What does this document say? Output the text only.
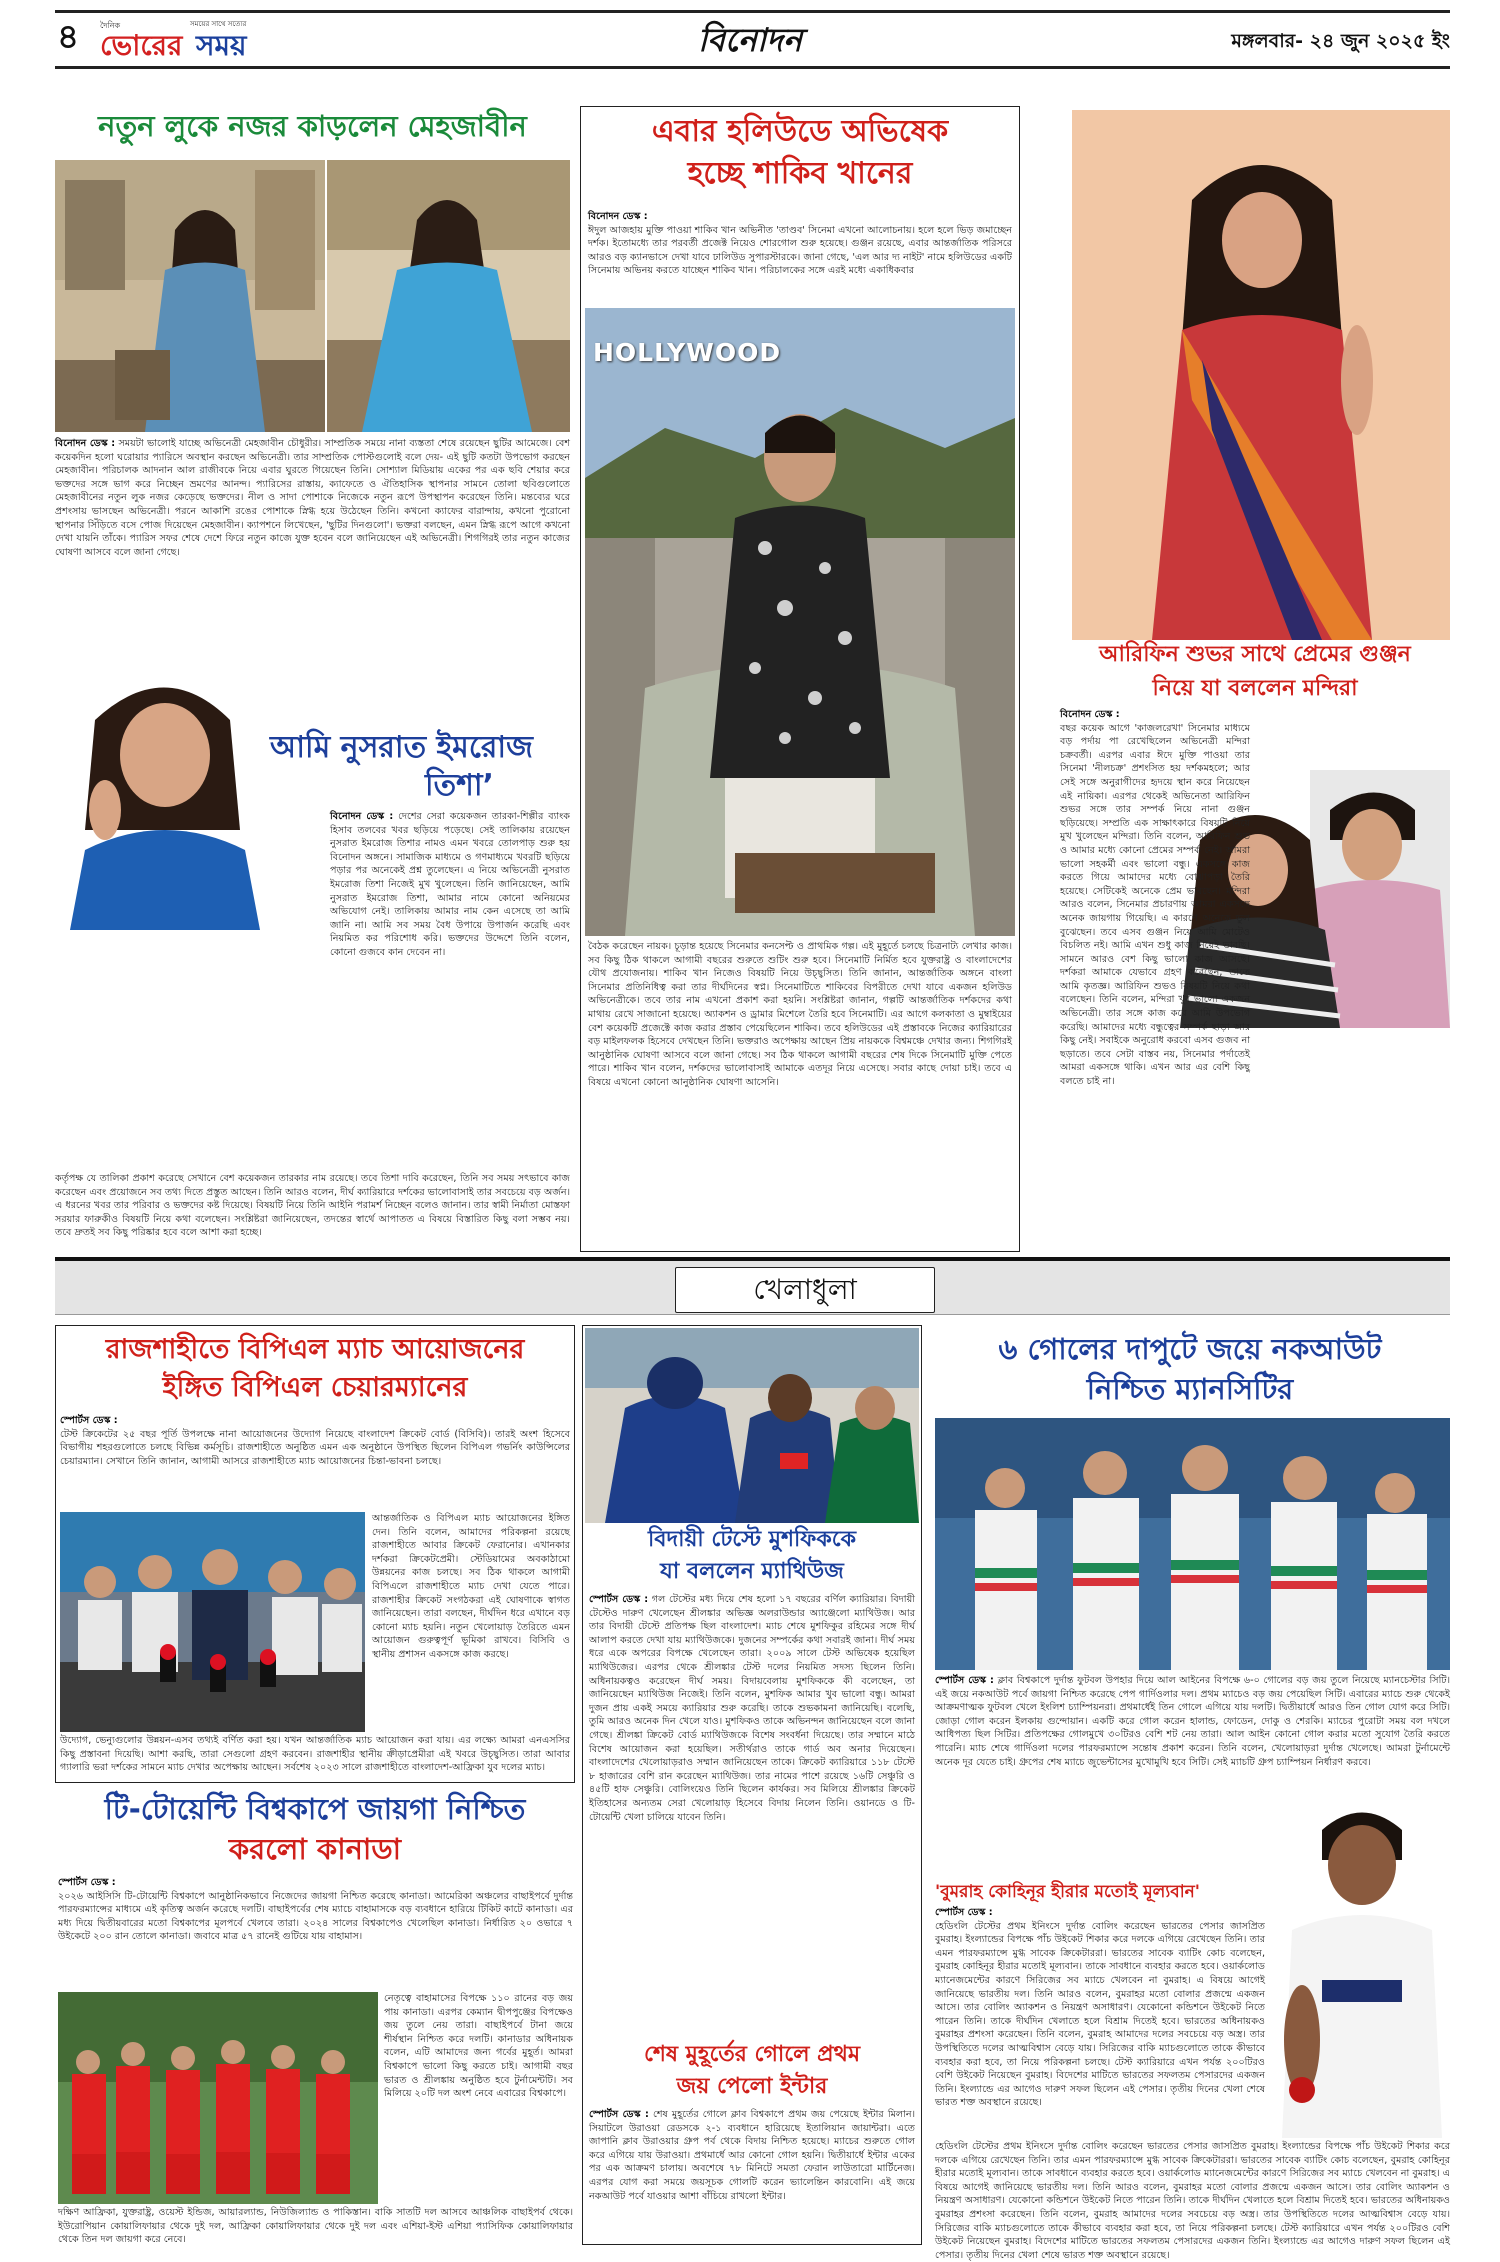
৪	দৈনিক	সময়ের সাথে সত্যের
ভোরের সময়	বিনোদন	মঙ্গলবার- ২৪ জুন ২০২৫ ইং
নতুন লুকে নজর কাড়লেন মেহজাবীন
বিনোদন ডেস্ক : সময়টা ভালোই যাচ্ছে অভিনেত্রী মেহজাবীন চৌধুরীর। সাম্প্রতিক সময়ে নানা ব্যস্ততা শেষে রয়েছেন ছুটির আমেজে। বেশ কয়েকদিন হলো ঘরোয়ার প্যারিসে অবস্থান করছেন অভিনেত্রী। তার সাম্প্রতিক পোস্টগুলোই বলে দেয়- এই ছুটি কতটা উপভোগ করছেন মেহজাবীন। পরিচালক আদনান আল রাজীবকে নিয়ে এবার ঘুরতে গিয়েছেন তিনি। সোশ্যাল মিডিয়ায় একের পর এক ছবি শেয়ার করে ভক্তদের সঙ্গে ভাগ করে নিচ্ছেন ভ্রমণের আনন্দ। প্যারিসের রাস্তায়, ক্যাফেতে ও ঐতিহাসিক স্থাপনার সামনে তোলা ছবিগুলোতে মেহজাবীনের নতুন লুক নজর কেড়েছে ভক্তদের। নীল ও সাদা পোশাকে নিজেকে নতুন রূপে উপস্থাপন করেছেন তিনি। মন্তব্যের ঘরে প্রশংসায় ভাসছেন অভিনেত্রী। পরনে আকাশি রঙের পোশাকে স্নিগ্ধ হয়ে উঠেছেন তিনি। কখনো ক্যাফের বারান্দায়, কখনো পুরোনো স্থাপনার সিঁড়িতে বসে পোজ দিয়েছেন মেহজাবীন। ক্যাপশনে লিখেছেন, 'ছুটির দিনগুলো'। ভক্তরা বলছেন, এমন স্নিগ্ধ রূপে আগে কখনো দেখা যায়নি তাঁকে। প্যারিস সফর শেষে দেশে ফিরে নতুন কাজে যুক্ত হবেন বলে জানিয়েছেন এই অভিনেত্রী। শিগগিরই তার নতুন কাজের ঘোষণা আসবে বলে জানা গেছে।
আমি নুসরাত ইমরোজ
তিশা’
বিনোদন ডেস্ক : দেশের সেরা কয়েকজন তারকা-শিল্পীর ব্যাংক হিসাব তলবের খবর ছড়িয়ে পড়েছে। সেই তালিকায় রয়েছেন নুসরাত ইমরোজ তিশার নামও এমন খবরে তোলপাড় শুরু হয় বিনোদন অঙ্গনে। সামাজিক মাধ্যমে ও গণমাধ্যমে খবরটি ছড়িয়ে পড়ার পর অনেকেই প্রশ্ন তুলেছেন। এ নিয়ে অভিনেত্রী নুসরাত ইমরোজ তিশা নিজেই মুখ খুলেছেন। তিনি জানিয়েছেন, আমি নুসরাত ইমরোজ তিশা, আমার নামে কোনো অনিয়মের অভিযোগ নেই। তালিকায় আমার নাম কেন এসেছে তা আমি জানি না। আমি সব সময় বৈধ উপায়ে উপার্জন করেছি এবং নিয়মিত কর পরিশোধ করি। ভক্তদের উদ্দেশে তিনি বলেন, কোনো গুজবে কান দেবেন না।
কর্তৃপক্ষ যে তালিকা প্রকাশ করেছে সেখানে বেশ কয়েকজন তারকার নাম রয়েছে। তবে তিশা দাবি করেছেন, তিনি সব সময় সৎভাবে কাজ করেছেন এবং প্রয়োজনে সব তথ্য দিতে প্রস্তুত আছেন। তিনি আরও বলেন, দীর্ঘ ক্যারিয়ারে দর্শকের ভালোবাসাই তার সবচেয়ে বড় অর্জন। এ ধরনের খবর তার পরিবার ও ভক্তদের কষ্ট দিয়েছে। বিষয়টি নিয়ে তিনি আইনি পরামর্শ নিচ্ছেন বলেও জানান। তার স্বামী নির্মাতা মোস্তফা সরয়ার ফারুকীও বিষয়টি নিয়ে কথা বলেছেন। সংশ্লিষ্টরা জানিয়েছেন, তদন্তের স্বার্থে আপাতত এ বিষয়ে বিস্তারিত কিছু বলা সম্ভব নয়। তবে দ্রুতই সব কিছু পরিষ্কার হবে বলে আশা করা হচ্ছে।
এবার হলিউডে অভিষেক
হচ্ছে শাকিব খানের
বিনোদন ডেস্ক :
ঈদুল আজহায় মুক্তি পাওয়া শাকিব খান অভিনীত 'তাণ্ডব' সিনেমা এখনো আলোচনায়। হলে হলে ভিড় জমাচ্ছেন দর্শক। ইতোমধ্যে তার পরবর্তী প্রজেক্ট নিয়েও শোরগোল শুরু হয়েছে। গুঞ্জন রয়েছে, এবার আন্তর্জাতিক পরিসরে আরও বড় ক্যানভাসে দেখা যাবে ঢালিউড সুপারস্টারকে। জানা গেছে, 'এল আর দ্য নাইট' নামে হলিউডের একটি সিনেমায় অভিনয় করতে যাচ্ছেন শাকিব খান। পরিচালকের সঙ্গে এরই মধ্যে একাধিকবার
HOLLYWOOD
বৈঠক করেছেন নায়ক। চূড়ান্ত হয়েছে সিনেমার কনসেপ্ট ও প্রাথমিক গল্প। এই মুহূর্তে চলছে চিত্রনাট্য লেখার কাজ। সব কিছু ঠিক থাকলে আগামী বছরের শুরুতে শুটিং শুরু হবে। সিনেমাটি নির্মিত হবে যুক্তরাষ্ট্র ও বাংলাদেশের যৌথ প্রযোজনায়। শাকিব খান নিজেও বিষয়টি নিয়ে উচ্ছ্বসিত। তিনি জানান, আন্তর্জাতিক অঙ্গনে বাংলা সিনেমার প্রতিনিধিত্ব করা তার দীর্ঘদিনের স্বপ্ন। সিনেমাটিতে শাকিবের বিপরীতে দেখা যাবে একজন হলিউড অভিনেত্রীকে। তবে তার নাম এখনো প্রকাশ করা হয়নি। সংশ্লিষ্টরা জানান, গল্পটি আন্তর্জাতিক দর্শকদের কথা মাথায় রেখে সাজানো হয়েছে। অ্যাকশন ও ড্রামার মিশেলে তৈরি হবে সিনেমাটি। এর আগে কলকাতা ও মুম্বাইয়ের বেশ কয়েকটি প্রজেক্টে কাজ করার প্রস্তাব পেয়েছিলেন শাকিব। তবে হলিউডের এই প্রস্তাবকে নিজের ক্যারিয়ারের বড় মাইলফলক হিসেবে দেখছেন তিনি। ভক্তরাও অপেক্ষায় আছেন প্রিয় নায়ককে বিশ্বমঞ্চে দেখার জন্য। শিগগিরই আনুষ্ঠানিক ঘোষণা আসবে বলে জানা গেছে। সব ঠিক থাকলে আগামী বছরের শেষ দিকে সিনেমাটি মুক্তি পেতে পারে। শাকিব খান বলেন, দর্শকদের ভালোবাসাই আমাকে এতদূর নিয়ে এসেছে। সবার কাছে দোয়া চাই। তবে এ বিষয়ে এখনো কোনো আনুষ্ঠানিক ঘোষণা আসেনি।
আরিফিন শুভর সাথে প্রেমের গুঞ্জন
নিয়ে যা বললেন মন্দিরা
বিনোদন ডেস্ক :
বছর কয়েক আগে 'কাজলরেখা' সিনেমার মাধ্যমে বড় পর্দায় পা রেখেছিলেন অভিনেত্রী মন্দিরা চক্রবর্তী। এরপর এবার ঈদে মুক্তি পাওয়া তার সিনেমা 'নীলচক্র' প্রশংসিত হয় দর্শকমহলে; আর সেই সঙ্গে অনুরাগীদের হৃদয়ে স্থান করে নিয়েছেন এই নায়িকা। এরপর থেকেই অভিনেতা আরিফিন শুভর সঙ্গে তার সম্পর্ক নিয়ে নানা গুঞ্জন ছড়িয়েছে। সম্প্রতি এক সাক্ষাৎকারে বিষয়টি নিয়ে মুখ খুলেছেন মন্দিরা। তিনি বলেন, আরিফিন শুভ ও আমার মধ্যে কোনো প্রেমের সম্পর্ক নেই। আমরা ভালো সহকর্মী এবং ভালো বন্ধু। একসঙ্গে কাজ করতে গিয়ে আমাদের মধ্যে বোঝাপড়া তৈরি হয়েছে। সেটিকেই অনেকে প্রেম ভাবছেন। মন্দিরা আরও বলেন, সিনেমার প্রচারণায় আমরা একসঙ্গে অনেক জায়গায় গিয়েছি। এ কারণে অনেকে ভুল বুঝেছেন। তবে এসব গুঞ্জন নিয়ে আমি মোটেও বিচলিত নই। আমি এখন শুধু কাজ নিয়েই ভাবছি। সামনে আরও বেশ কিছু ভালো কাজ আসছে। দর্শকরা আমাকে যেভাবে গ্রহণ করেছেন, তাতে আমি কৃতজ্ঞ। আরিফিন শুভও বিষয়টি নিয়ে কথা বলেছেন। তিনি বলেন, মন্দিরা খুব ভালো একজন অভিনেত্রী। তার সঙ্গে কাজ করে আমি উপভোগ করেছি। আমাদের মধ্যে বন্ধুত্বের সম্পর্ক ছাড়া আর কিছু নেই। সবাইকে অনুরোধ করবো এসব গুজব না ছড়াতে। তবে সেটা বাস্তব নয়, সিনেমার পর্দাতেই আমরা একসঙ্গে থাকি। এখন আর এর বেশি কিছু বলতে চাই না।
খেলাধুলা
রাজশাহীতে বিপিএল ম্যাচ আয়োজনের
ইঙ্গিত বিপিএল চেয়ারম্যানের
স্পোর্টস ডেস্ক :
টেস্ট ক্রিকেটের ২৫ বছর পূর্তি উপলক্ষে নানা আয়োজনের উদ্যোগ নিয়েছে বাংলাদেশ ক্রিকেট বোর্ড (বিসিবি)। তারই অংশ হিসেবে বিভাগীয় শহরগুলোতে চলছে বিভিন্ন কর্মসূচি। রাজশাহীতে অনুষ্ঠিত এমন এক অনুষ্ঠানে উপস্থিত ছিলেন বিপিএল গভর্নিং কাউন্সিলের চেয়ারম্যান। সেখানে তিনি জানান, আগামী আসরে রাজশাহীতে ম্যাচ আয়োজনের চিন্তা-ভাবনা চলছে।
আন্তর্জাতিক ও বিপিএল ম্যাচ আয়োজনের ইঙ্গিত দেন। তিনি বলেন, আমাদের পরিকল্পনা রয়েছে রাজশাহীতে আবার ক্রিকেট ফেরানোর। এখানকার দর্শকরা ক্রিকেটপ্রেমী। স্টেডিয়ামের অবকাঠামো উন্নয়নের কাজ চলছে। সব ঠিক থাকলে আগামী বিপিএলে রাজশাহীতে ম্যাচ দেখা যেতে পারে। রাজশাহীর ক্রিকেট সংগঠকরা এই ঘোষণাকে স্বাগত জানিয়েছেন। তারা বলছেন, দীর্ঘদিন ধরে এখানে বড় কোনো ম্যাচ হয়নি। নতুন খেলোয়াড় তৈরিতে এমন আয়োজন গুরুত্বপূর্ণ ভূমিকা রাখবে। বিসিবি ও স্থানীয় প্রশাসন একসঙ্গে কাজ করছে।
উদ্যোগ, ভেন্যুগুলোর উন্নয়ন-এসব তথ্যই বর্ণিত করা হয়। যখন আন্তর্জাতিক ম্যাচ আয়োজন করা যায়। এর লক্ষ্যে আমরা এনএসসির কিছু প্রস্তাবনা দিয়েছি। আশা করছি, তারা সেগুলো গ্রহণ করবেন। রাজশাহীর স্থানীয় ক্রীড়াপ্রেমীরা এই খবরে উচ্ছ্বসিত। তারা আবার গ্যালারি ভরা দর্শকের সামনে ম্যাচ দেখার অপেক্ষায় আছেন। সর্বশেষ ২০২৩ সালে রাজশাহীতে বাংলাদেশ-আফ্রিকা যুব দলের ম্যাচ।
টি-টোয়েন্টি বিশ্বকাপে জায়গা নিশ্চিত
করলো কানাডা
স্পোর্টস ডেস্ক :
২০২৬ আইসিসি টি-টোয়েন্টি বিশ্বকাপে আনুষ্ঠানিকভাবে নিজেদের জায়গা নিশ্চিত করেছে কানাডা। আমেরিকা অঞ্চলের বাছাইপর্বে দুর্দান্ত পারফরম্যান্সের মাধ্যমে এই কৃতিত্ব অর্জন করেছে দলটি। বাছাইপর্বের শেষ ম্যাচে বাহামাসকে বড় ব্যবধানে হারিয়ে টিকিট কাটে কানাডা। এর মধ্য দিয়ে দ্বিতীয়বারের মতো বিশ্বকাপের মূলপর্বে খেলবে তারা। ২০২৪ সালের বিশ্বকাপেও খেলেছিল কানাডা। নির্ধারিত ২০ ওভারে ৭ উইকেটে ২০০ রান তোলে কানাডা। জবাবে মাত্র ৫৭ রানেই গুটিয়ে যায় বাহামাস।
নেতৃত্বে বাহামাসের বিপক্ষে ১১০ রানের বড় জয় পায় কানাডা। এরপর কেম্যান দ্বীপপুঞ্জের বিপক্ষেও জয় তুলে নেয় তারা। বাছাইপর্বে টানা জয়ে শীর্ষস্থান নিশ্চিত করে দলটি। কানাডার অধিনায়ক বলেন, এটি আমাদের জন্য গর্বের মুহূর্ত। আমরা বিশ্বকাপে ভালো কিছু করতে চাই। আগামী বছর ভারত ও শ্রীলঙ্কায় অনুষ্ঠিত হবে টুর্নামেন্টটি। সব মিলিয়ে ২০টি দল অংশ নেবে এবারের বিশ্বকাপে।
দক্ষিণ আফ্রিকা, যুক্তরাষ্ট্র, ওয়েস্ট ইন্ডিজ, আয়ারল্যান্ড, নিউজিল্যান্ড ও পাকিস্তান। বাকি সাতটি দল আসবে আঞ্চলিক বাছাইপর্ব থেকে। ইউরোপিয়ান কোয়ালিফায়ার থেকে দুই দল, আফ্রিকা কোয়ালিফায়ার থেকে দুই দল এবং এশিয়া-ইস্ট এশিয়া প্যাসিফিক কোয়ালিফায়ার থেকে তিন দল জায়গা করে নেবে।
বিদায়ী টেস্টে মুশফিককে
যা বললেন ম্যাথিউজ
স্পোর্টস ডেস্ক : গল টেস্টের মধ্য দিয়ে শেষ হলো ১৭ বছরের বর্ণিল ক্যারিয়ার। বিদায়ী টেস্টেও দারুণ খেলেছেন শ্রীলঙ্কার অভিজ্ঞ অলরাউন্ডার অ্যাঞ্জেলো ম্যাথিউজ। আর তার বিদায়ী টেস্টে প্রতিপক্ষ ছিল বাংলাদেশ। ম্যাচ শেষে মুশফিকুর রহিমের সঙ্গে দীর্ঘ আলাপ করতে দেখা যায় ম্যাথিউজকে। দুজনের সম্পর্কের কথা সবারই জানা। দীর্ঘ সময় ধরে একে অপরের বিপক্ষে খেলেছেন তারা। ২০০৯ সালে টেস্ট অভিষেক হয়েছিল ম্যাথিউজের। এরপর থেকে শ্রীলঙ্কার টেস্ট দলের নিয়মিত সদস্য ছিলেন তিনি। অধিনায়কত্বও করেছেন দীর্ঘ সময়। বিদায়বেলায় মুশফিককে কী বলেছেন, তা জানিয়েছেন ম্যাথিউজ নিজেই। তিনি বলেন, মুশফিক আমার খুব ভালো বন্ধু। আমরা দুজন প্রায় একই সময়ে ক্যারিয়ার শুরু করেছি। তাকে শুভকামনা জানিয়েছি। বলেছি, তুমি আরও অনেক দিন খেলে যাও। মুশফিকও তাকে অভিনন্দন জানিয়েছেন বলে জানা গেছে। শ্রীলঙ্কা ক্রিকেট বোর্ড ম্যাথিউজকে বিশেষ সংবর্ধনা দিয়েছে। তার সম্মানে মাঠে বিশেষ আয়োজন করা হয়েছিল। সতীর্থরাও তাকে গার্ড অব অনার দিয়েছেন। বাংলাদেশের খেলোয়াড়রাও সম্মান জানিয়েছেন তাকে। ক্রিকেট ক্যারিয়ারে ১১৮ টেস্টে ৮ হাজারের বেশি রান করেছেন ম্যাথিউজ। তার নামের পাশে রয়েছে ১৬টি সেঞ্চুরি ও ৪৫টি হাফ সেঞ্চুরি। বোলিংয়েও তিনি ছিলেন কার্যকর। সব মিলিয়ে শ্রীলঙ্কার ক্রিকেট ইতিহাসের অন্যতম সেরা খেলোয়াড় হিসেবে বিদায় নিলেন তিনি। ওয়ানডে ও টি-টোয়েন্টি খেলা চালিয়ে যাবেন তিনি।
শেষ মুহূর্তের গোলে প্রথম
জয় পেলো ইন্টার
স্পোর্টস ডেস্ক : শেষ মুহূর্তের গোলে ক্লাব বিশ্বকাপে প্রথম জয় পেয়েছে ইন্টার মিলান। সিয়াটলে উরাওয়া রেডসকে ২-১ ব্যবধানে হারিয়েছে ইতালিয়ান জায়ান্টরা। এতে জাপানি ক্লাব উরাওয়ার গ্রুপ পর্ব থেকে বিদায় নিশ্চিত হয়েছে। ম্যাচের শুরুতে গোল করে এগিয়ে যায় উরাওয়া। প্রথমার্ধে আর কোনো গোল হয়নি। দ্বিতীয়ার্ধে ইন্টার একের পর এক আক্রমণ চালায়। অবশেষে ৭৮ মিনিটে সমতা ফেরান লাউতারো মার্টিনেজ। এরপর যোগ করা সময়ে জয়সূচক গোলটি করেন ভ্যালেন্তিন কারবোনি। এই জয়ে নকআউট পর্বে যাওয়ার আশা বাঁচিয়ে রাখলো ইন্টার।
৬ গোলের দাপুটে জয়ে নকআউট
নিশ্চিত ম্যানসিটির
স্পোর্টস ডেস্ক : ক্লাব বিশ্বকাপে দুর্দান্ত ফুটবল উপহার দিয়ে আল আইনের বিপক্ষে ৬-০ গোলের বড় জয় তুলে নিয়েছে ম্যানচেস্টার সিটি। এই জয়ে নকআউট পর্বে জায়গা নিশ্চিত করেছে পেপ গার্দিওলার দল। প্রথম ম্যাচেও বড় জয় পেয়েছিল সিটি। এবারের ম্যাচে শুরু থেকেই আক্রমণাত্মক ফুটবল খেলে ইংলিশ চ্যাম্পিয়নরা। প্রথমার্ধেই তিন গোলে এগিয়ে যায় দলটি। দ্বিতীয়ার্ধে আরও তিন গোল যোগ করে সিটি। জোড়া গোল করেন ইলকায় গুন্দোয়ান। একটি করে গোল করেন হালান্ড, ফোডেন, দোকু ও শেরকি। ম্যাচের পুরোটা সময় বল দখলে আধিপত্য ছিল সিটির। প্রতিপক্ষের গোলমুখে ৩০টিরও বেশি শট নেয় তারা। আল আইন কোনো গোল করার মতো সুযোগ তৈরি করতে পারেনি। ম্যাচ শেষে গার্দিওলা দলের পারফরম্যান্সে সন্তোষ প্রকাশ করেন। তিনি বলেন, খেলোয়াড়রা দুর্দান্ত খেলেছে। আমরা টুর্নামেন্টে অনেক দূর যেতে চাই। গ্রুপের শেষ ম্যাচে জুভেন্টাসের মুখোমুখি হবে সিটি। সেই ম্যাচটি গ্রুপ চ্যাম্পিয়ন নির্ধারণ করবে।
'বুমরাহ কোহিনূর হীরার মতোই মূল্যবান'
স্পোর্টস ডেস্ক :
হেডিংলি টেস্টের প্রথম ইনিংসে দুর্দান্ত বোলিং করেছেন ভারতের পেসার জাসপ্রিত বুমরাহ। ইংল্যান্ডের বিপক্ষে পাঁচ উইকেট শিকার করে দলকে এগিয়ে রেখেছেন তিনি। তার এমন পারফরম্যান্সে মুগ্ধ সাবেক ক্রিকেটাররা। ভারতের সাবেক ব্যাটিং কোচ বলেছেন, বুমরাহ কোহিনূর হীরার মতোই মূল্যবান। তাকে সাবধানে ব্যবহার করতে হবে। ওয়ার্কলোড ম্যানেজমেন্টের কারণে সিরিজের সব ম্যাচে খেলবেন না বুমরাহ। এ বিষয়ে আগেই জানিয়েছে ভারতীয় দল। তিনি আরও বলেন, বুমরাহর মতো বোলার প্রজন্মে একজন আসে। তার বোলিং অ্যাকশন ও নিয়ন্ত্রণ অসাধারণ। যেকোনো কন্ডিশনে উইকেট নিতে পারেন তিনি। তাকে দীর্ঘদিন খেলাতে হলে বিশ্রাম দিতেই হবে। ভারতের অধিনায়কও বুমরাহর প্রশংসা করেছেন। তিনি বলেন, বুমরাহ আমাদের দলের সবচেয়ে বড় অস্ত্র। তার উপস্থিতিতে দলের আত্মবিশ্বাস বেড়ে যায়। সিরিজের বাকি ম্যাচগুলোতে তাকে কীভাবে ব্যবহার করা হবে, তা নিয়ে পরিকল্পনা চলছে। টেস্ট ক্যারিয়ারে এখন পর্যন্ত ২০০টিরও বেশি উইকেট নিয়েছেন বুমরাহ। বিদেশের মাটিতে ভারতের সফলতম পেসারদের একজন তিনি। ইংল্যান্ডে এর আগেও দারুণ সফল ছিলেন এই পেসার। তৃতীয় দিনের খেলা শেষে ভারত শক্ত অবস্থানে রয়েছে।
হেডিংলি টেস্টের প্রথম ইনিংসে দুর্দান্ত বোলিং করেছেন ভারতের পেসার জাসপ্রিত বুমরাহ। ইংল্যান্ডের বিপক্ষে পাঁচ উইকেট শিকার করে দলকে এগিয়ে রেখেছেন তিনি। তার এমন পারফরম্যান্সে মুগ্ধ সাবেক ক্রিকেটাররা। ভারতের সাবেক ব্যাটিং কোচ বলেছেন, বুমরাহ কোহিনূর হীরার মতোই মূল্যবান। তাকে সাবধানে ব্যবহার করতে হবে। ওয়ার্কলোড ম্যানেজমেন্টের কারণে সিরিজের সব ম্যাচে খেলবেন না বুমরাহ। এ বিষয়ে আগেই জানিয়েছে ভারতীয় দল। তিনি আরও বলেন, বুমরাহর মতো বোলার প্রজন্মে একজন আসে। তার বোলিং অ্যাকশন ও নিয়ন্ত্রণ অসাধারণ। যেকোনো কন্ডিশনে উইকেট নিতে পারেন তিনি। তাকে দীর্ঘদিন খেলাতে হলে বিশ্রাম দিতেই হবে। ভারতের অধিনায়কও বুমরাহর প্রশংসা করেছেন। তিনি বলেন, বুমরাহ আমাদের দলের সবচেয়ে বড় অস্ত্র। তার উপস্থিতিতে দলের আত্মবিশ্বাস বেড়ে যায়। সিরিজের বাকি ম্যাচগুলোতে তাকে কীভাবে ব্যবহার করা হবে, তা নিয়ে পরিকল্পনা চলছে। টেস্ট ক্যারিয়ারে এখন পর্যন্ত ২০০টিরও বেশি উইকেট নিয়েছেন বুমরাহ। বিদেশের মাটিতে ভারতের সফলতম পেসারদের একজন তিনি। ইংল্যান্ডে এর আগেও দারুণ সফল ছিলেন এই পেসার। তৃতীয় দিনের খেলা শেষে ভারত শক্ত অবস্থানে রয়েছে।
